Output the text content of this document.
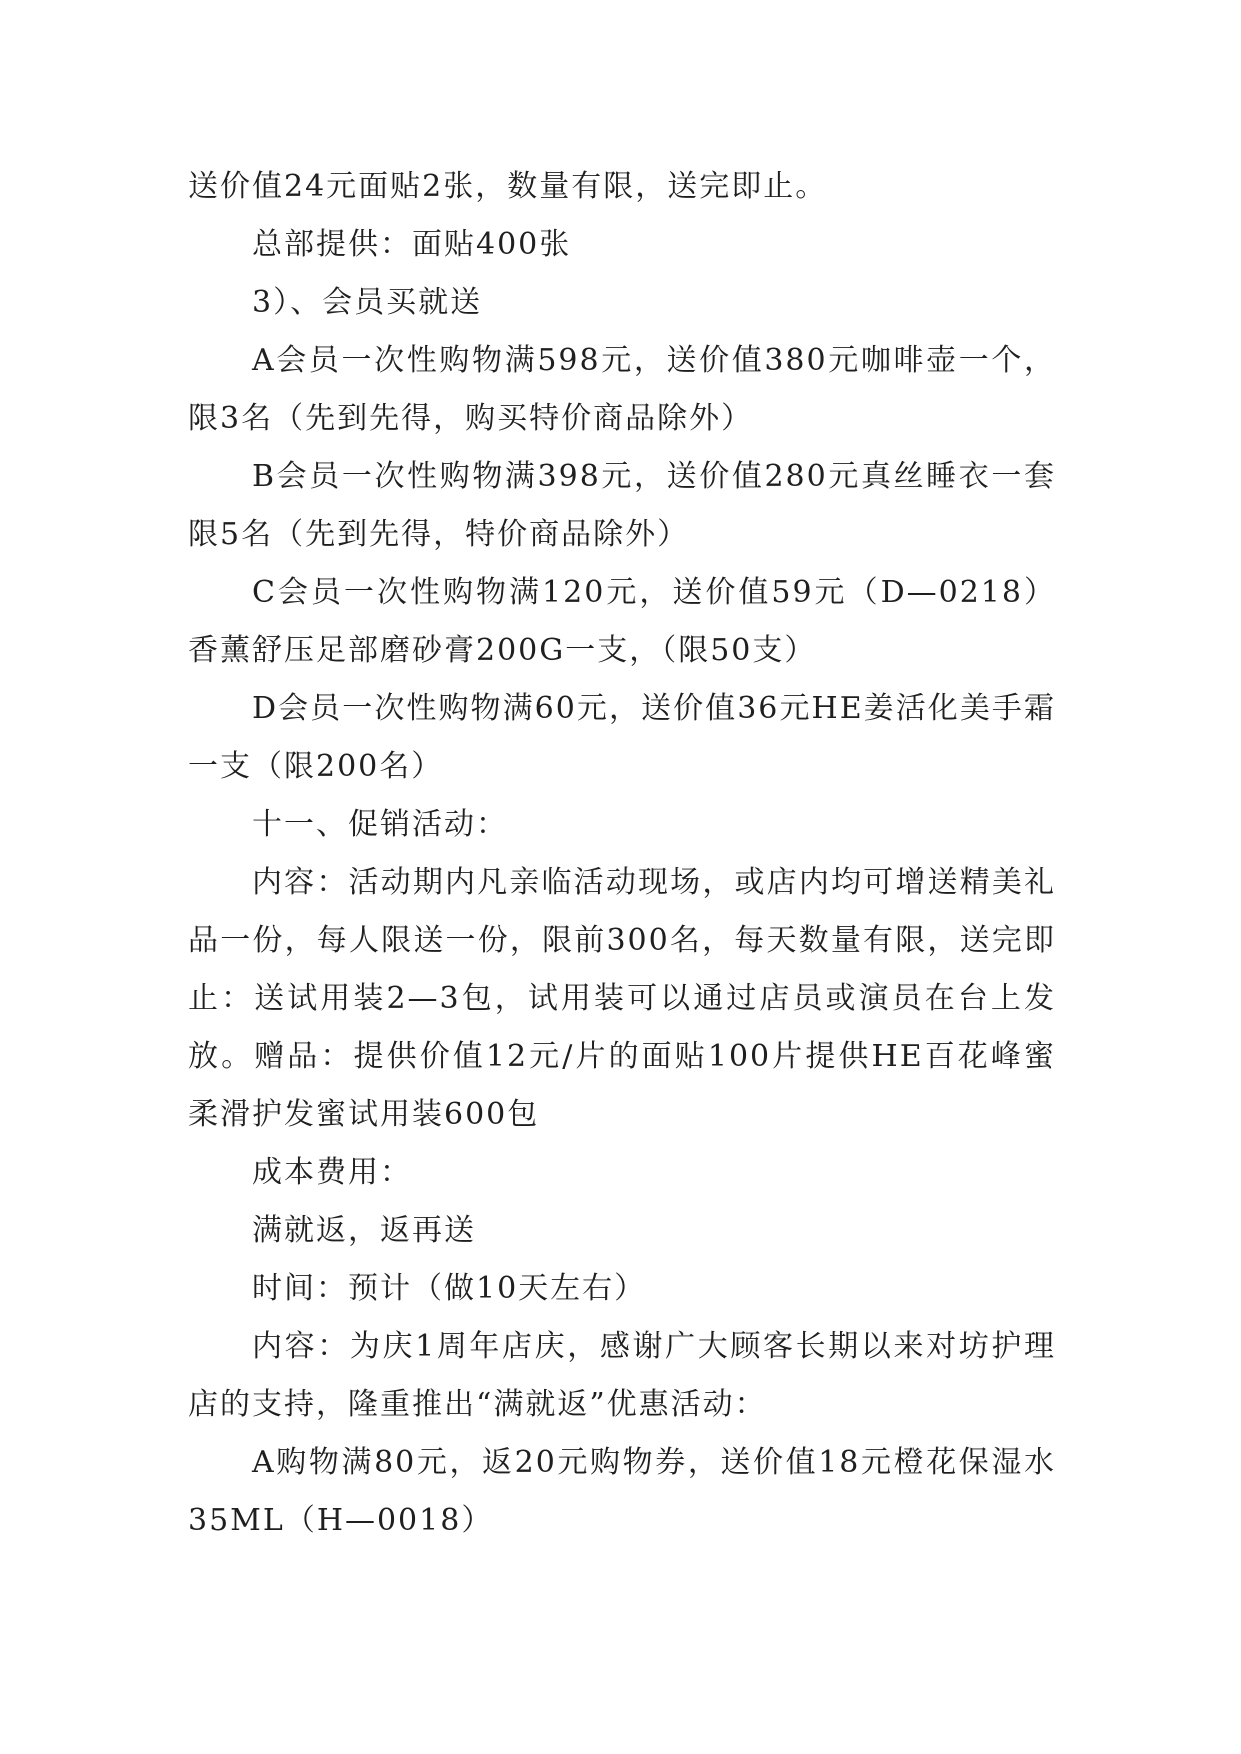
送价值24元面贴2张，数量有限，送完即止。

总部提供：面贴400张

3）、会员买就送

A会员一次性购物满598元，送价值380元咖啡壶一个，限3名（先到先得，购买特价商品除外）

B会员一次性购物满398元，送价值280元真丝睡衣一套限5名（先到先得，特价商品除外）

C会员一次性购物满120元，送价值59元（D—0218）香薰舒压足部磨砂膏200G一支，（限50支）

D会员一次性购物满60元，送价值36元HE姜活化美手霜一支（限200名）

十一、促销活动：

内容：活动期内凡亲临活动现场，或店内均可增送精美礼品一份，每人限送一份，限前300名，每天数量有限，送完即止：送试用装2—3包，试用装可以通过店员或演员在台上发放。赠品：提供价值12元/片的面贴100片提供HE百花峰蜜柔滑护发蜜试用装600包

成本费用：

满就返，返再送

时间：预计（做10天左右）

内容：为庆1周年店庆，感谢广大顾客长期以来对坊护理店的支持，隆重推出“满就返”优惠活动：

A购物满80元，返20元购物券，送价值18元橙花保湿水35ML（H—0018）
